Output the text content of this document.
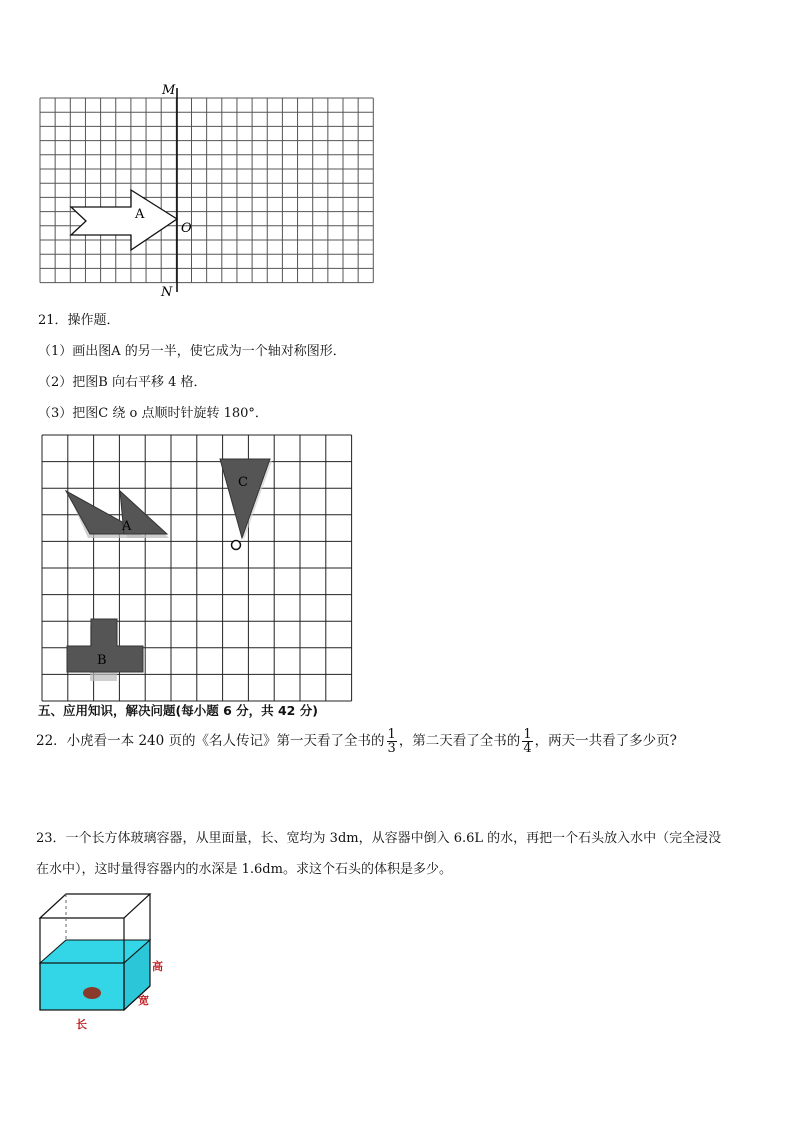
M
N
O
A
21．操作题．
（1）画出图A 的另一半，使它成为一个轴对称图形．
（2）把图B 向右平移 4 格．
（3）把图C 绕 o 点顺时针旋转 180°．
A
B
C
五、应用知识，解决问题(每小题 6 分，共 42 分)
22．小虎看一本 240 页的《名人传记》第一天看了全书的 $\frac{1}{3}$ ，第二天看了全书的 $\frac{1}{4}$ ，两天一共看了多少页?
23．一个长方体玻璃容器，从里面量，长、宽均为 3dm，从容器中倒入 6.6L 的水，再把一个石头放入水中（完全浸没
在水中），这时量得容器内的水深是 1.6dm。求这个石头的体积是多少。
高
宽
长
